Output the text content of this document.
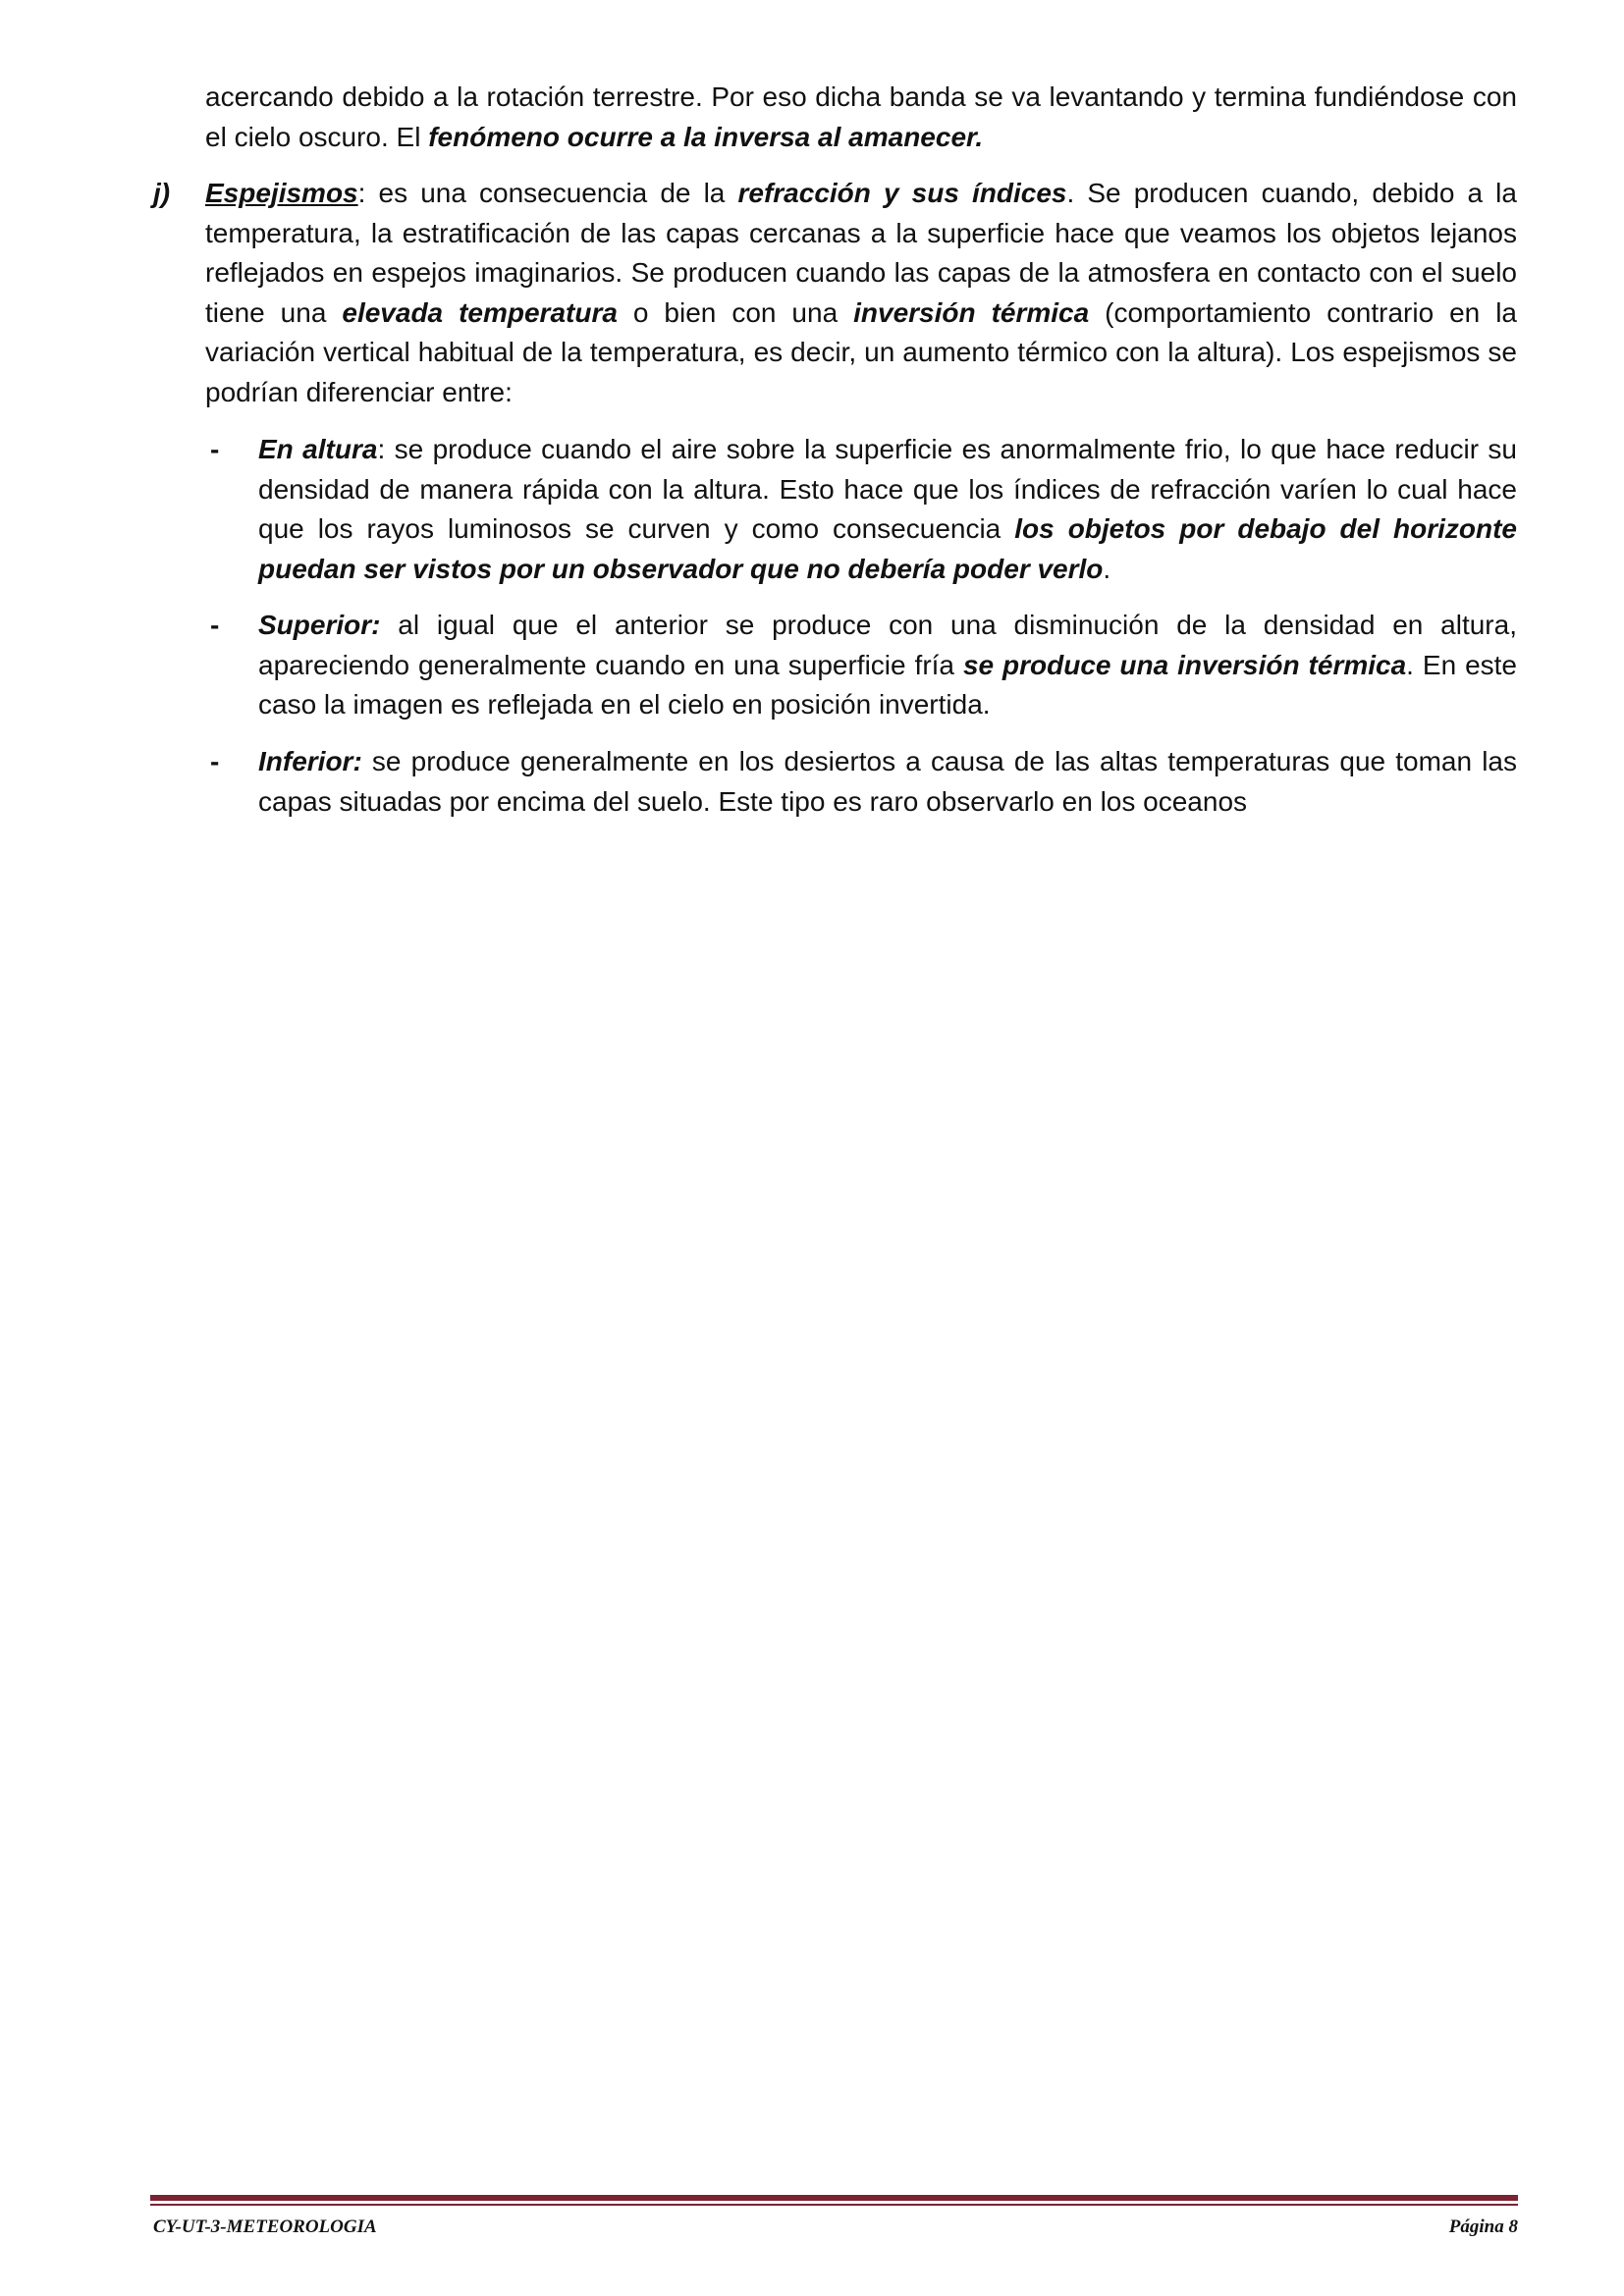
acercando debido a la rotación terrestre. Por eso dicha banda se va levantando y termina fundiéndose con el cielo oscuro. El fenómeno ocurre a la inversa al amanecer.

j) Espejismos: es una consecuencia de la refracción y sus índices. Se producen cuando, debido a la temperatura, la estratificación de las capas cercanas a la superficie hace que veamos los objetos lejanos reflejados en espejos imaginarios. Se producen cuando las capas de la atmosfera en contacto con el suelo tiene una elevada temperatura o bien con una inversión térmica (comportamiento contrario en la variación vertical habitual de la temperatura, es decir, un aumento térmico con la altura). Los espejismos se podrían diferenciar entre:

- En altura: se produce cuando el aire sobre la superficie es anormalmente frio, lo que hace reducir su densidad de manera rápida con la altura. Esto hace que los índices de refracción varíen lo cual hace que los rayos luminosos se curven y como consecuencia los objetos por debajo del horizonte puedan ser vistos por un observador que no debería poder verlo.

- Superior: al igual que el anterior se produce con una disminución de la densidad en altura, apareciendo generalmente cuando en una superficie fría se produce una inversión térmica. En este caso la imagen es reflejada en el cielo en posición invertida.

- Inferior: se produce generalmente en los desiertos a causa de las altas temperaturas que toman las capas situadas por encima del suelo. Este tipo es raro observarlo en los oceanos

CY-UT-3-METEOROLOGIA	Página 8
